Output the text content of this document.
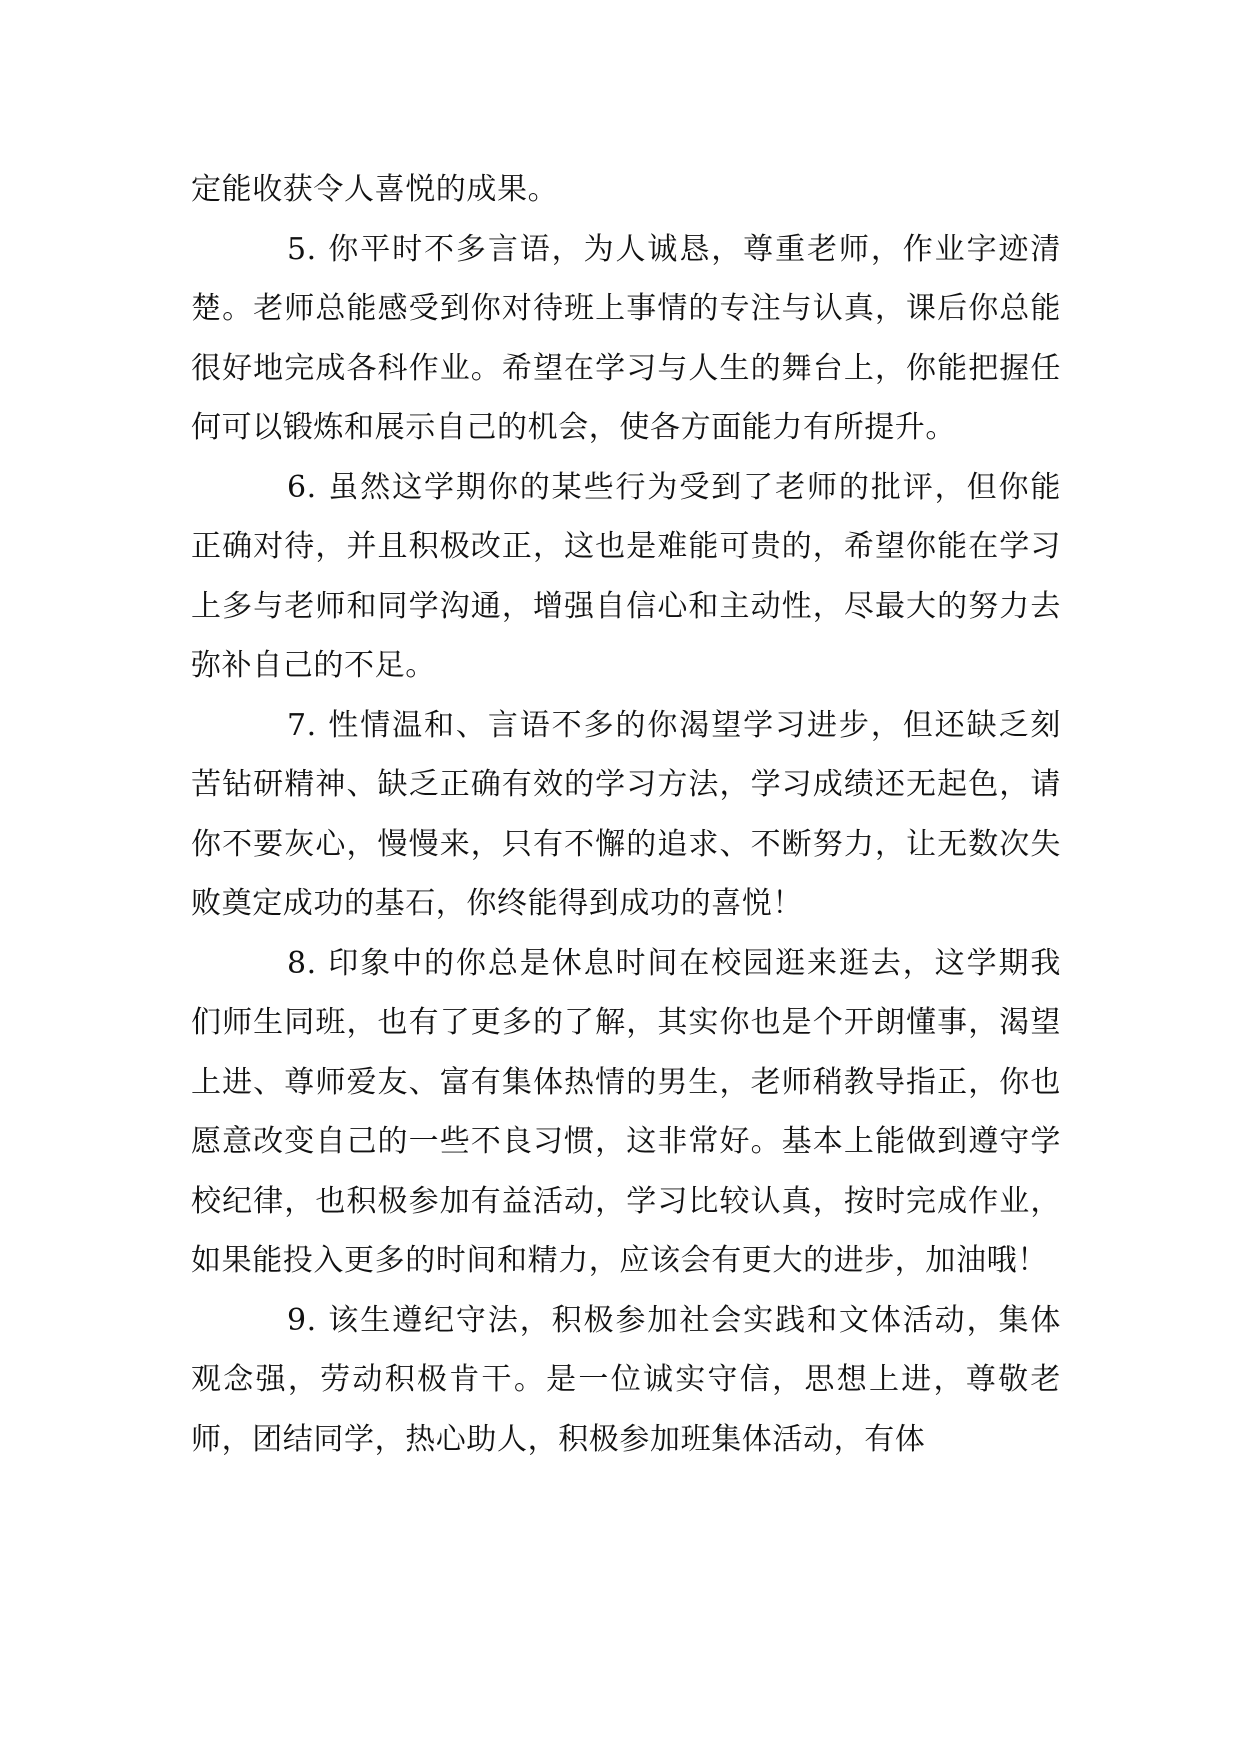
定能收获令人喜悦的成果。

5. 你平时不多言语，为人诚恳，尊重老师，作业字迹清楚。老师总能感受到你对待班上事情的专注与认真，课后你总能很好地完成各科作业。希望在学习与人生的舞台上，你能把握任何可以锻炼和展示自己的机会，使各方面能力有所提升。

6. 虽然这学期你的某些行为受到了老师的批评，但你能正确对待，并且积极改正，这也是难能可贵的，希望你能在学习上多与老师和同学沟通，增强自信心和主动性，尽最大的努力去弥补自己的不足。

7. 性情温和、言语不多的你渴望学习进步，但还缺乏刻苦钻研精神、缺乏正确有效的学习方法，学习成绩还无起色，请你不要灰心，慢慢来，只有不懈的追求、不断努力，让无数次失败奠定成功的基石，你终能得到成功的喜悦！

8. 印象中的你总是休息时间在校园逛来逛去，这学期我们师生同班，也有了更多的了解，其实你也是个开朗懂事，渴望上进、尊师爱友、富有集体热情的男生，老师稍教导指正，你也愿意改变自己的一些不良习惯，这非常好。基本上能做到遵守学校纪律，也积极参加有益活动，学习比较认真，按时完成作业，如果能投入更多的时间和精力，应该会有更大的进步，加油哦！

9. 该生遵纪守法，积极参加社会实践和文体活动，集体观念强，劳动积极肯干。是一位诚实守信，思想上进，尊敬老师，团结同学，热心助人，积极参加班集体活动，有体
